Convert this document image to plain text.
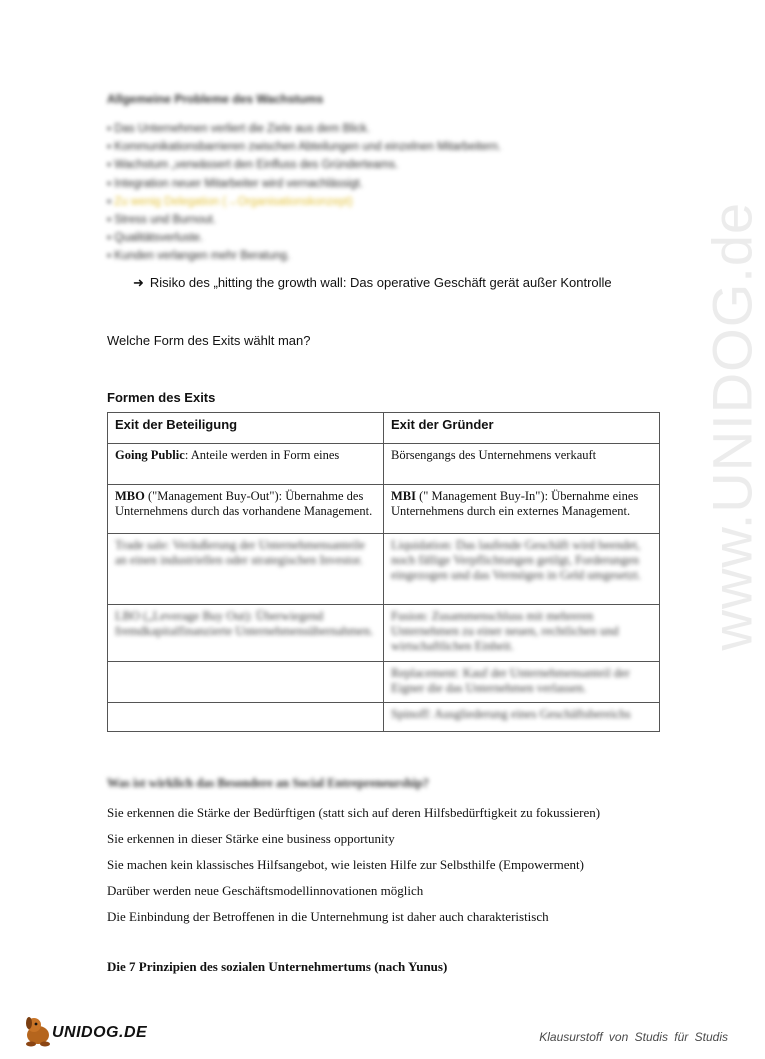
Allgemeine Probleme des Wachstums
▪ Das Unternehmen verliert die Ziele aus dem Blick.
▪ Kommunikationsbarrieren zwischen Abteilungen und einzelnen Mitarbeitern.
▪ Wachstum „verwässert den Einfluss des Gründerteams.
▪ Integration neuer Mitarbeiter wird vernachlässigt.
▪ Zu wenig Delegation (→Organisationskonzept)
▪ Stress und Burnout.
▪ Qualitätsverluste.
▪ Kunden verlangen mehr Beratung.
➜ Risiko des „hitting the growth wall: Das operative Geschäft gerät außer Kontrolle
Welche Form des Exits wählt man?
Formen des Exits
Exit der Beteiligung	Exit der Gründer
Going Public: Anteile werden in Form eines	Börsengangs des Unternehmens verkauft
MBO ("Management Buy-Out"): Übernahme des Unternehmens durch das vorhandene Management.	MBI (" Management Buy-In"): Übernahme eines Unternehmens durch ein externes Management.

Trade sale: Veräußerung der Unternehmensanteile an einen industriellen oder strategischen Investor.	Liquidation: Das laufende Geschäft wird beendet, noch fällige Verpflichtungen getilgt, Forderungen eingezogen und das Vermögen in Geld umgesetzt.

LBO („Leverage Buy Out): Überwiegend fremdkapitalfinanzierte Unternehmensübernahmen.	Fusion: Zusammenschluss mit mehreren Unternehmen zu einer neuen, rechtlichen und wirtschaftlichen Einheit.

	Replacement: Kauf der Unternehmensanteil der Eigner die das Unternehmen verlassen.

	Spinoff: Ausgliederung eines Geschäftsbereichs
Was ist wirklich das Besondere an Social Entrepreneurship?
Sie erkennen die Stärke der Bedürftigen (statt sich auf deren Hilfsbedürftigkeit zu fokussieren)
Sie erkennen in dieser Stärke eine business opportunity
Sie machen kein klassisches Hilfsangebot, wie leisten Hilfe zur Selbsthilfe (Empowerment)
Darüber werden neue Geschäftsmodellinnovationen möglich
Die Einbindung der Betroffenen in die Unternehmung ist daher auch charakteristisch
Die 7 Prinzipien des sozialen Unternehmertums (nach Yunus)
www.UNIDOG.de
UNIDOG.DE	Klausurstoff von Studis für Studis
